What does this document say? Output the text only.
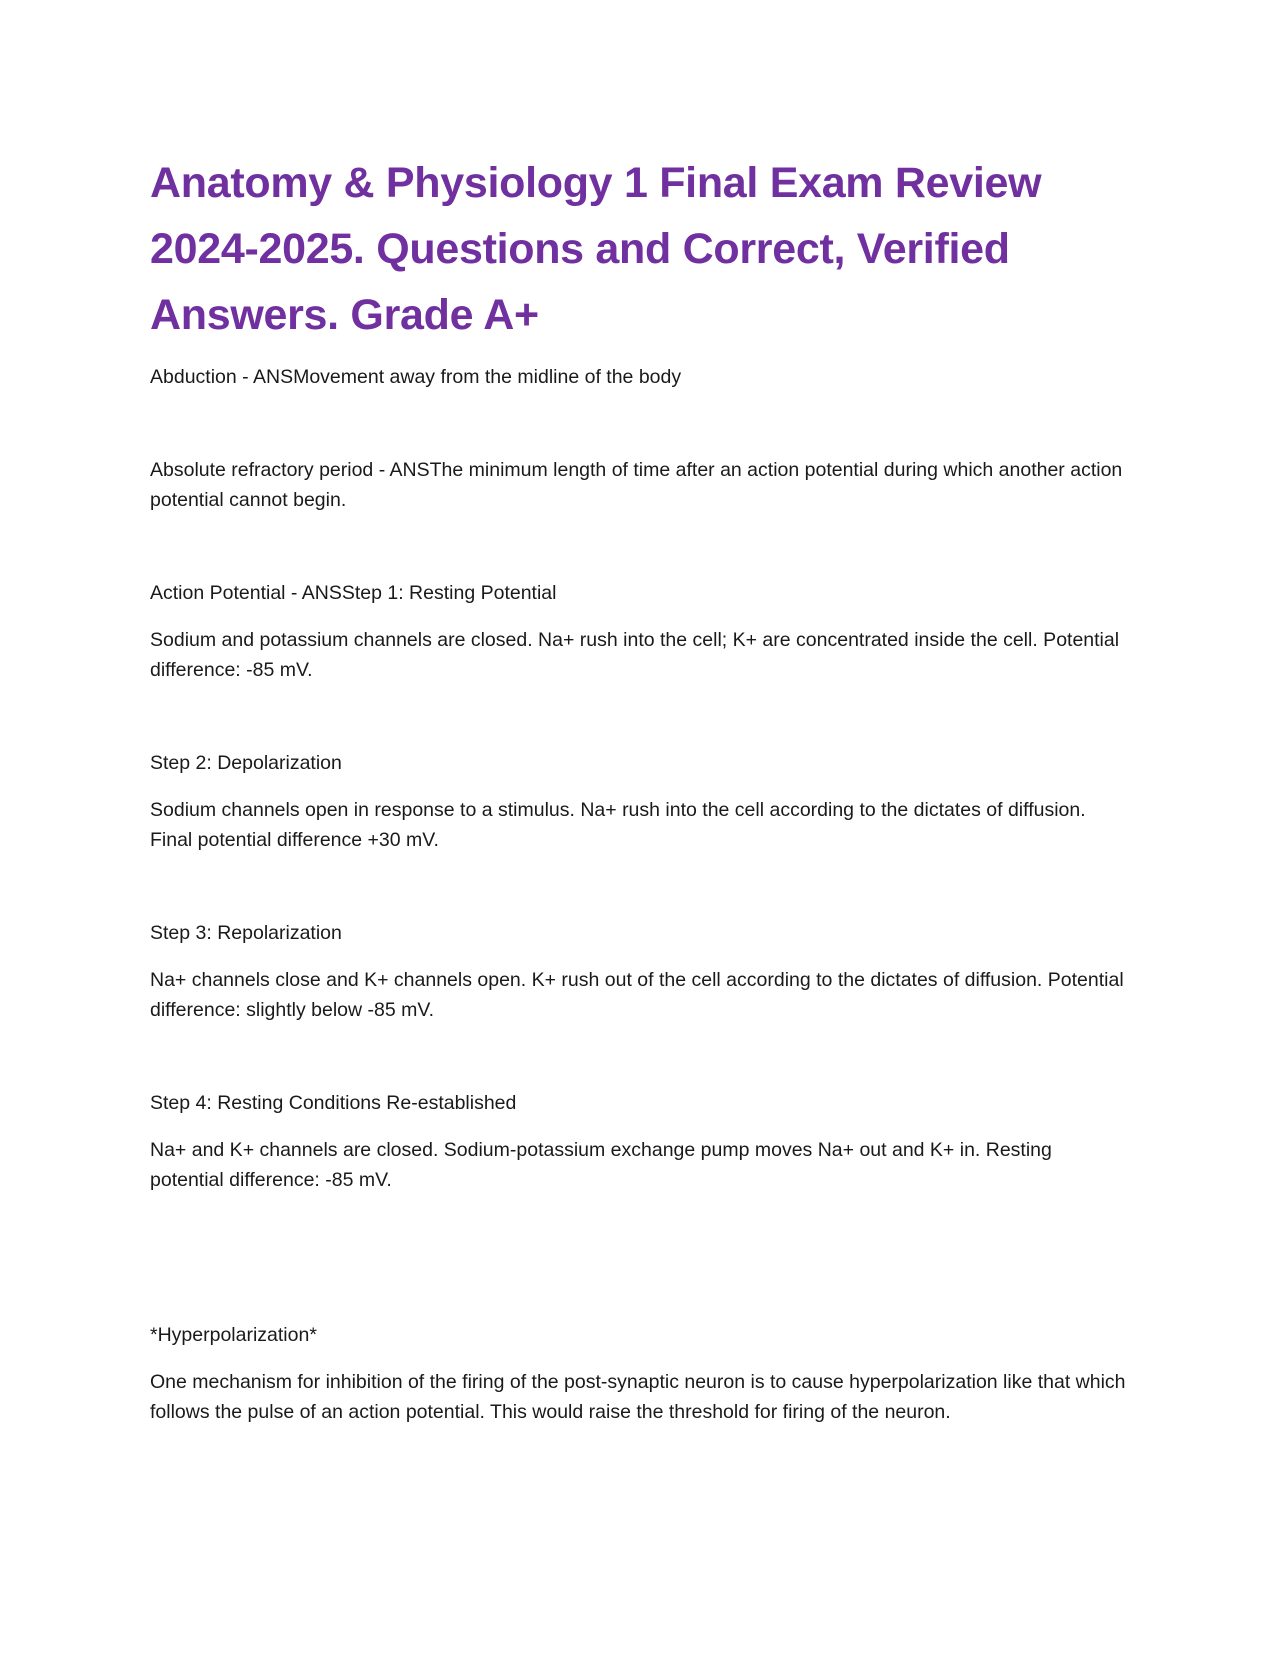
Anatomy & Physiology 1 Final Exam Review 2024-2025. Questions and Correct, Verified Answers. Grade A+

Abduction - ANSMovement away from the midline of the body

Absolute refractory period - ANSThe minimum length of time after an action potential during which another action potential cannot begin.

Action Potential - ANSStep 1: Resting Potential

Sodium and potassium channels are closed. Na+ rush into the cell; K+ are concentrated inside the cell. Potential difference: -85 mV.

Step 2: Depolarization

Sodium channels open in response to a stimulus. Na+ rush into the cell according to the dictates of diffusion. Final potential difference +30 mV.

Step 3: Repolarization

Na+ channels close and K+ channels open. K+ rush out of the cell according to the dictates of diffusion. Potential difference: slightly below -85 mV.

Step 4: Resting Conditions Re-established

Na+ and K+ channels are closed. Sodium-potassium exchange pump moves Na+ out and K+ in. Resting potential difference: -85 mV.

*Hyperpolarization*

One mechanism for inhibition of the firing of the post-synaptic neuron is to cause hyperpolarization like that which follows the pulse of an action potential. This would raise the threshold for firing of the neuron.
